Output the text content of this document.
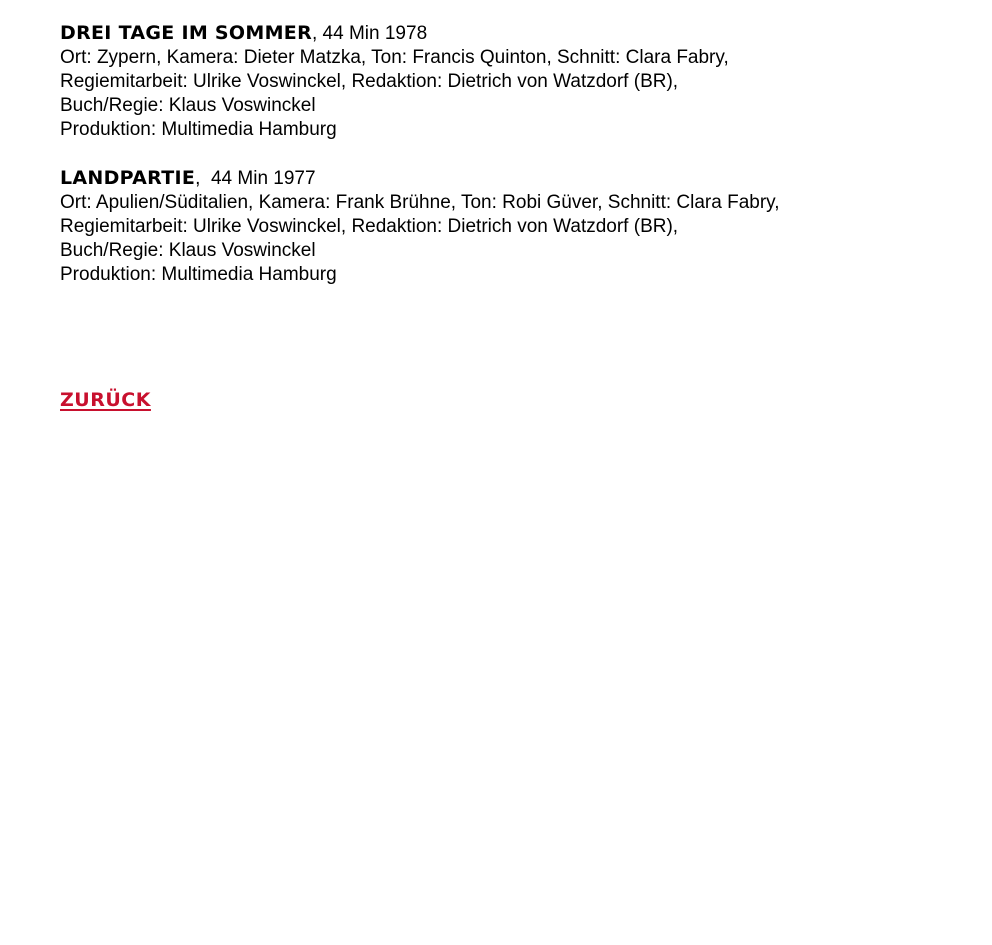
DREI TAGE IM SOMMER, 44 Min 1978
Ort: Zypern, Kamera: Dieter Matzka, Ton: Francis Quinton, Schnitt: Clara Fabry,
Regiemitarbeit: Ulrike Voswinckel, Redaktion: Dietrich von Watzdorf (BR),
Buch/Regie: Klaus Voswinckel
Produktion: Multimedia Hamburg
LANDPARTIE,  44 Min 1977
Ort: Apulien/Süditalien, Kamera: Frank Brühne, Ton: Robi Güver, Schnitt: Clara Fabry,
Regiemitarbeit: Ulrike Voswinckel, Redaktion: Dietrich von Watzdorf (BR),
Buch/Regie: Klaus Voswinckel
Produktion: Multimedia Hamburg
ZURÜCK
